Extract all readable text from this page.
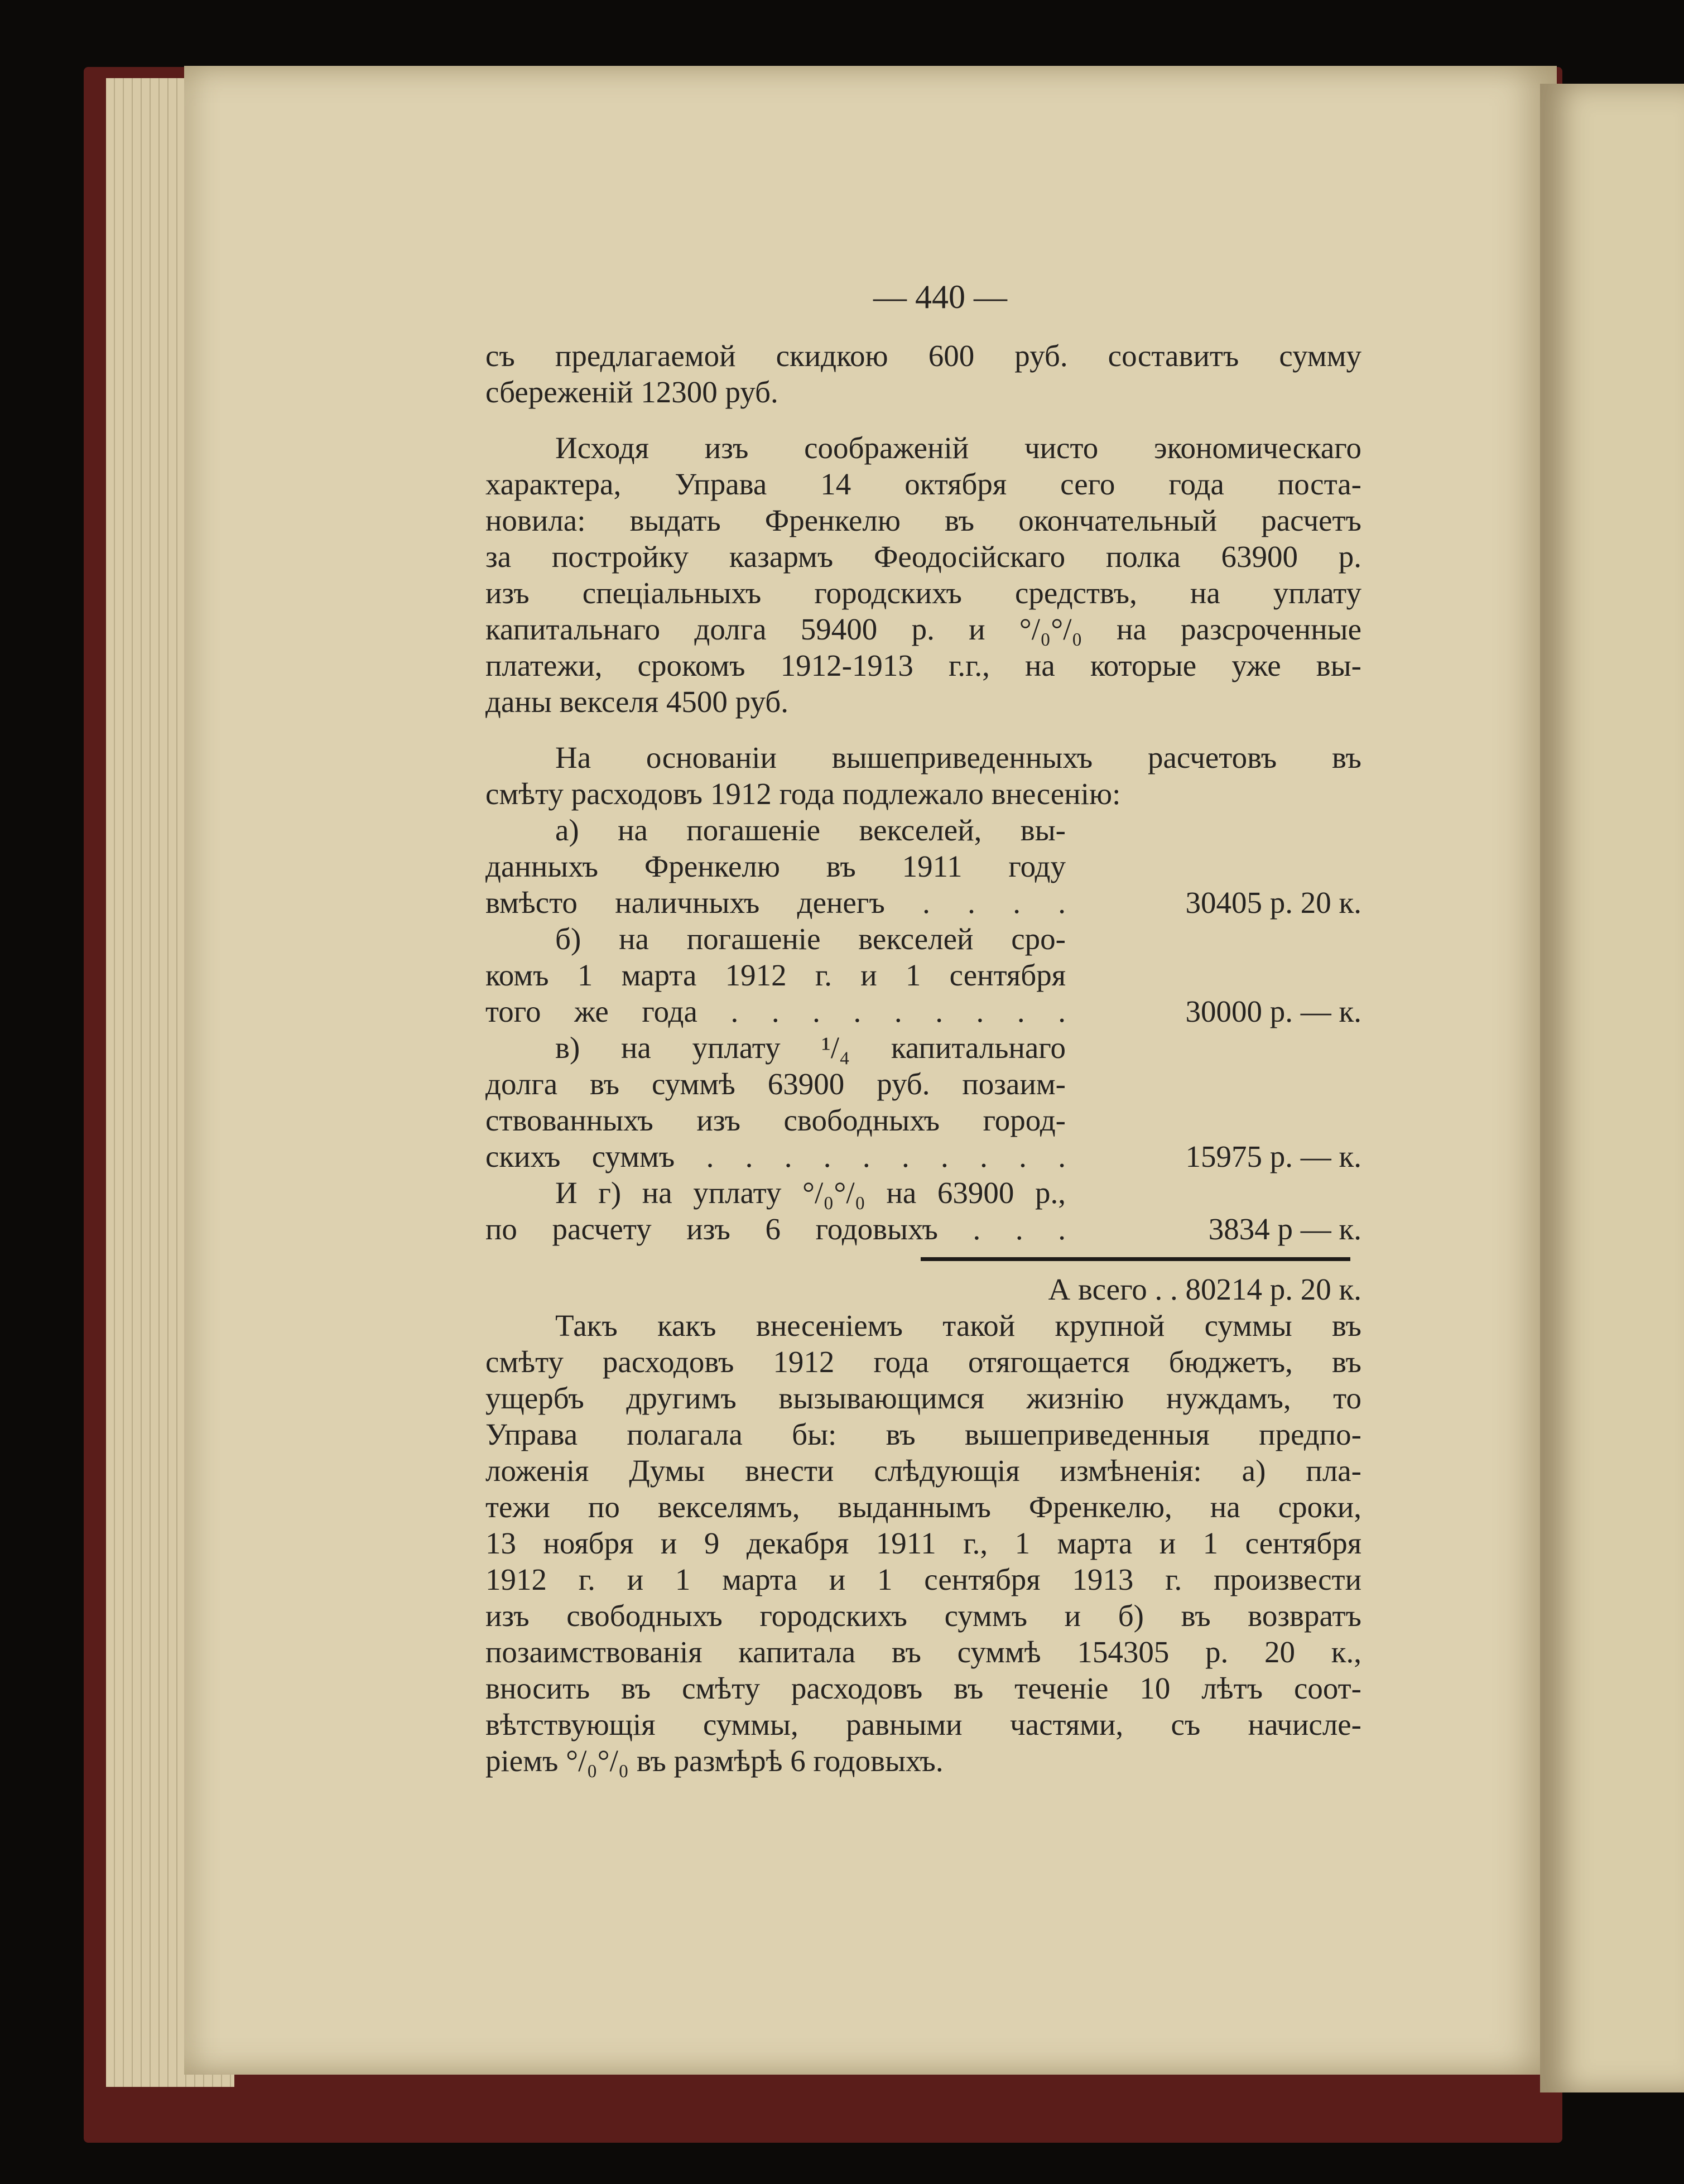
— 440 —
съ предлагаемой скидкою 600 руб. составитъ сумму
сбереженій 12300 руб.
Исходя изъ соображеній чисто экономическаго
характера, Управа 14 октября сего года поста-
новила: выдать Френкелю въ окончательный расчетъ
за постройку казармъ Феодосійскаго полка 63900 р.
изъ спеціальныхъ городскихъ средствъ, на уплату
капитальнаго долга 59400 р. и °/₀°/₀ на разсроченные
платежи, срокомъ 1912-1913 г.г., на которые уже вы-
даны векселя 4500 руб.
На основаніи вышеприведенныхъ расчетовъ въ
смѣту расходовъ 1912 года подлежало внесенію:
а) на погашеніе векселей, вы-
данныхъ Френкелю въ 1911 году
вмѣсто наличныхъ денегъ . . . .	30405 р. 20 к.
б) на погашеніе векселей сро-
комъ 1 марта 1912 г. и 1 сентября
того же года . . . . . . . . .	30000 р. — к.
в) на уплату ¹/₄ капитальнаго
долга въ суммѣ 63900 руб. позаим-
ствованныхъ изъ свободныхъ город-
скихъ суммъ . . . . . . . . . .	15975 р. — к.
И г) на уплату °/₀°/₀ на 63900 р.,
по расчету изъ 6 годовыхъ . . .	3834 р — к.
А всего . . 80214 р. 20 к.
Такъ какъ внесеніемъ такой крупной суммы въ
смѣту расходовъ 1912 года отягощается бюджетъ, въ
ущербъ другимъ вызывающимся жизнію нуждамъ, то
Управа полагала бы: въ вышеприведенныя предпо-
ложенія Думы внести слѣдующія измѣненія: а) пла-
тежи по векселямъ, выданнымъ Френкелю, на сроки,
13 ноября и 9 декабря 1911 г., 1 марта и 1 сентября
1912 г. и 1 марта и 1 сентября 1913 г. произвести
изъ свободныхъ городскихъ суммъ и б) въ возвратъ
позаимствованія капитала въ суммѣ 154305 р. 20 к.,
вносить въ смѣту расходовъ въ теченіе 10 лѣтъ соот-
вѣтствующія суммы, равными частями, съ начисле-
ріемъ °/₀°/₀ въ размѣрѣ 6 годовыхъ.
